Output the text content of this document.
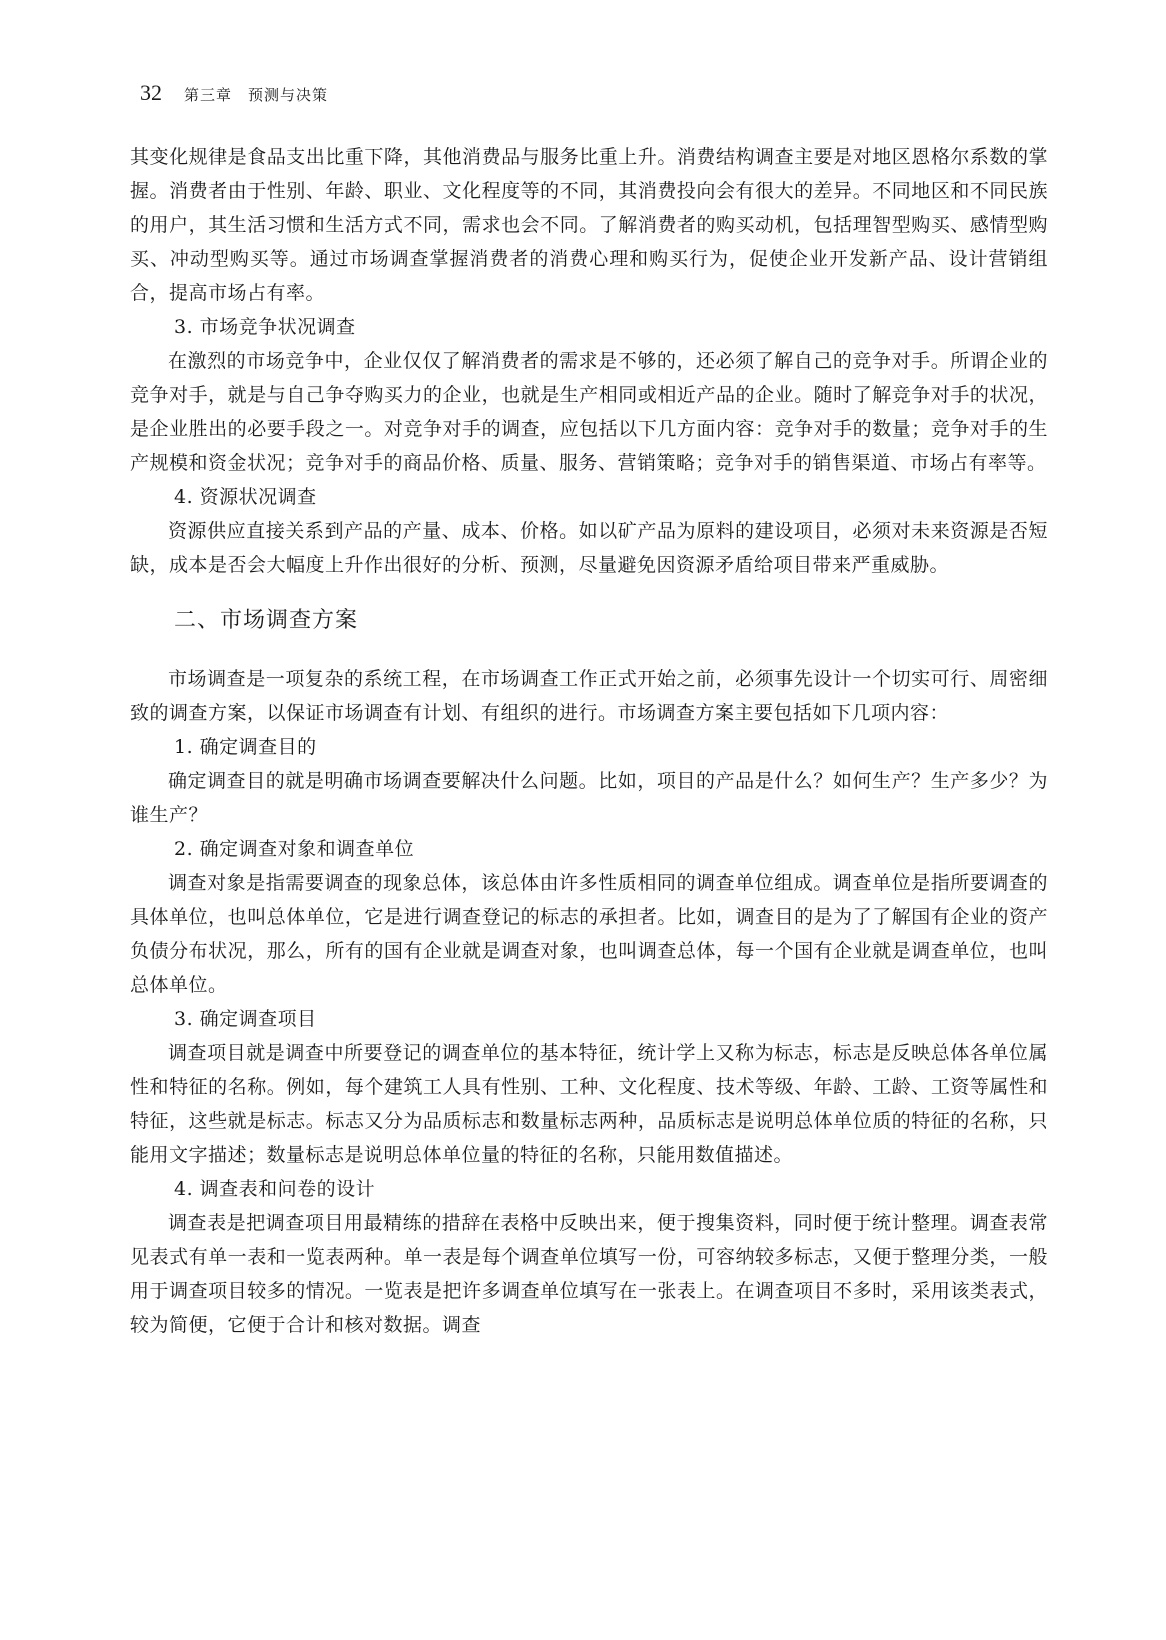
32 第三章　预测与决策

其变化规律是食品支出比重下降，其他消费品与服务比重上升。消费结构调查主要是对地区恩格尔系数的掌握。消费者由于性别、年龄、职业、文化程度等的不同，其消费投向会有很大的差异。不同地区和不同民族的用户，其生活习惯和生活方式不同，需求也会不同。了解消费者的购买动机，包括理智型购买、感情型购买、冲动型购买等。通过市场调查掌握消费者的消费心理和购买行为，促使企业开发新产品、设计营销组合，提高市场占有率。

3. 市场竞争状况调查

在激烈的市场竞争中，企业仅仅了解消费者的需求是不够的，还必须了解自己的竞争对手。所谓企业的竞争对手，就是与自己争夺购买力的企业，也就是生产相同或相近产品的企业。随时了解竞争对手的状况，是企业胜出的必要手段之一。对竞争对手的调查，应包括以下几方面内容：竞争对手的数量；竞争对手的生产规模和资金状况；竞争对手的商品价格、质量、服务、营销策略；竞争对手的销售渠道、市场占有率等。

4. 资源状况调查

资源供应直接关系到产品的产量、成本、价格。如以矿产品为原料的建设项目，必须对未来资源是否短缺，成本是否会大幅度上升作出很好的分析、预测，尽量避免因资源矛盾给项目带来严重威胁。

二、市场调查方案

市场调查是一项复杂的系统工程，在市场调查工作正式开始之前，必须事先设计一个切实可行、周密细致的调查方案，以保证市场调查有计划、有组织的进行。市场调查方案主要包括如下几项内容：

1. 确定调查目的

确定调查目的就是明确市场调查要解决什么问题。比如，项目的产品是什么？如何生产？生产多少？为谁生产？

2. 确定调查对象和调查单位

调查对象是指需要调查的现象总体，该总体由许多性质相同的调查单位组成。调查单位是指所要调查的具体单位，也叫总体单位，它是进行调查登记的标志的承担者。比如，调查目的是为了了解国有企业的资产负债分布状况，那么，所有的国有企业就是调查对象，也叫调查总体，每一个国有企业就是调查单位，也叫总体单位。

3. 确定调查项目

调查项目就是调查中所要登记的调查单位的基本特征，统计学上又称为标志，标志是反映总体各单位属性和特征的名称。例如，每个建筑工人具有性别、工种、文化程度、技术等级、年龄、工龄、工资等属性和特征，这些就是标志。标志又分为品质标志和数量标志两种，品质标志是说明总体单位质的特征的名称，只能用文字描述；数量标志是说明总体单位量的特征的名称，只能用数值描述。

4. 调查表和问卷的设计

调查表是把调查项目用最精练的措辞在表格中反映出来，便于搜集资料，同时便于统计整理。调查表常见表式有单一表和一览表两种。单一表是每个调查单位填写一份，可容纳较多标志，又便于整理分类，一般用于调查项目较多的情况。一览表是把许多调查单位填写在一张表上。在调查项目不多时，采用该类表式，较为简便，它便于合计和核对数据。调查
